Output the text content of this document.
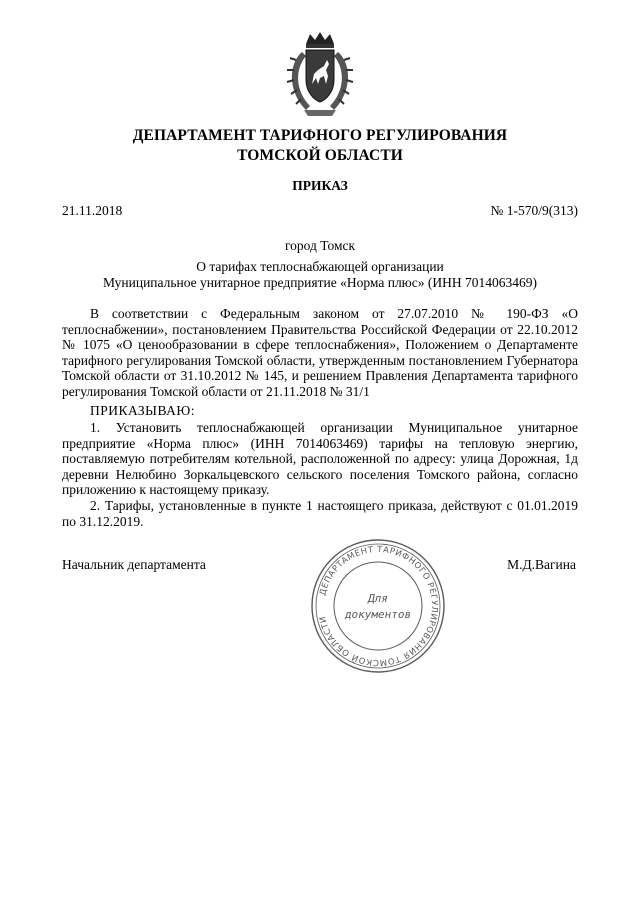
ДЕПАРТАМЕНТ ТАРИФНОГО РЕГУЛИРОВАНИЯ
ТОМСКОЙ ОБЛАСТИ
ПРИКАЗ
21.11.2018	№ 1-570/9(313)
город Томск
О тарифах теплоснабжающей организации
Муниципальное унитарное предприятие «Норма плюс» (ИНН 7014063469)

В соответствии с Федеральным законом от 27.07.2010 № 190-ФЗ «О теплоснабжении», постановлением Правительства Российской Федерации от 22.10.2012 № 1075 «О ценообразовании в сфере теплоснабжения», Положением о Департаменте тарифного регулирования Томской области, утвержденным постановлением Губернатора Томской области от 31.10.2012 № 145, и решением Правления Департамента тарифного регулирования Томской области от 21.11.2018 № 31/1

ПРИКАЗЫВАЮ:

1. Установить теплоснабжающей организации Муниципальное унитарное предприятие «Норма плюс» (ИНН 7014063469) тарифы на тепловую энергию, поставляемую потребителям котельной, расположенной по адресу: улица Дорожная, 1д деревни Нелюбино Зоркальцевского сельского поселения Томского района, согласно приложению к настоящему приказу.

2. Тарифы, установленные в пункте 1 настоящего приказа, действуют с 01.01.2019 по 31.12.2019.

Начальник департамента	М.Д.Вагина
ДЕПАРТАМЕНТ ТАРИФНОГО РЕГУЛИРОВАНИЯ ТОМСКОЙ ОБЛАСТИ
Для
документов
